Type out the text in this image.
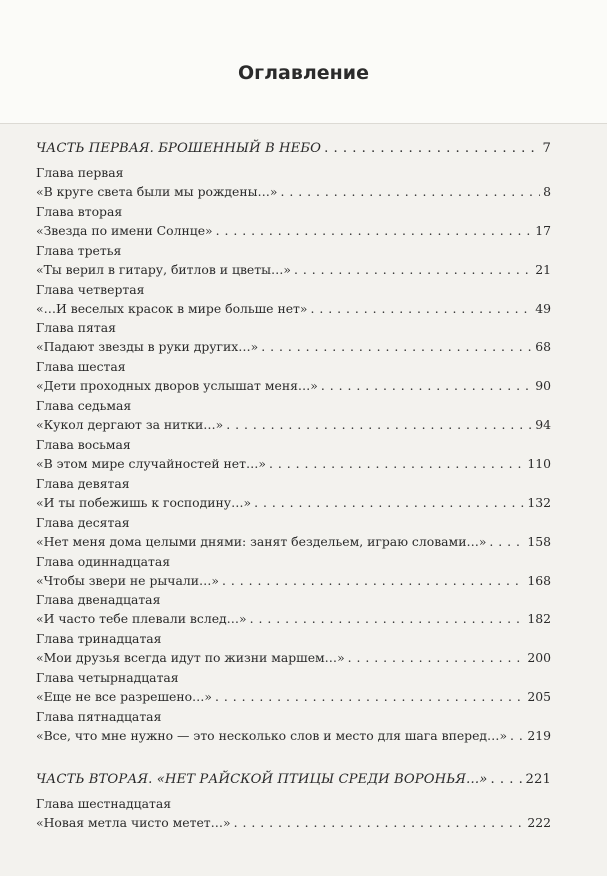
Оглавление
ЧАСТЬ ПЕРВАЯ. БРОШЕННЫЙ В НЕБО . . .	7
Глава первая
«В круге света были мы рождены…» . . .	8
Глава вторая
«Звезда по имени Солнце» . . .	17
Глава третья
«Ты верил в гитару, битлов и цветы…» . . .	21
Глава четвертая
«…И веселых красок в мире больше нет» . . .	49
Глава пятая
«Падают звезды в руки других…» . . .	68
Глава шестая
«Дети проходных дворов услышат меня…» . . .	90
Глава седьмая
«Кукол дергают за нитки…» . . .	94
Глава восьмая
«В этом мире случайностей нет…» . . .	110
Глава девятая
«И ты побежишь к господину…» . . .	132
Глава десятая
«Нет меня дома целыми днями: занят бездельем, играю словами…» . . .	158
Глава одиннадцатая
«Чтобы звери не рычали…» . . .	168
Глава двенадцатая
«И часто тебе плевали вслед…» . . .	182
Глава тринадцатая
«Мои друзья всегда идут по жизни маршем…» . . .	200
Глава четырнадцатая
«Еще не все разрешено…» . . .	205
Глава пятнадцатая
«Все, что мне нужно — это несколько слов и место для шага вперед…» . . . 219
ЧАСТЬ ВТОРАЯ. «НЕТ РАЙСКОЙ ПТИЦЫ СРЕДИ ВОРОНЬЯ…» . . .	221
Глава шестнадцатая
«Новая метла чисто метет…» . . .	222
